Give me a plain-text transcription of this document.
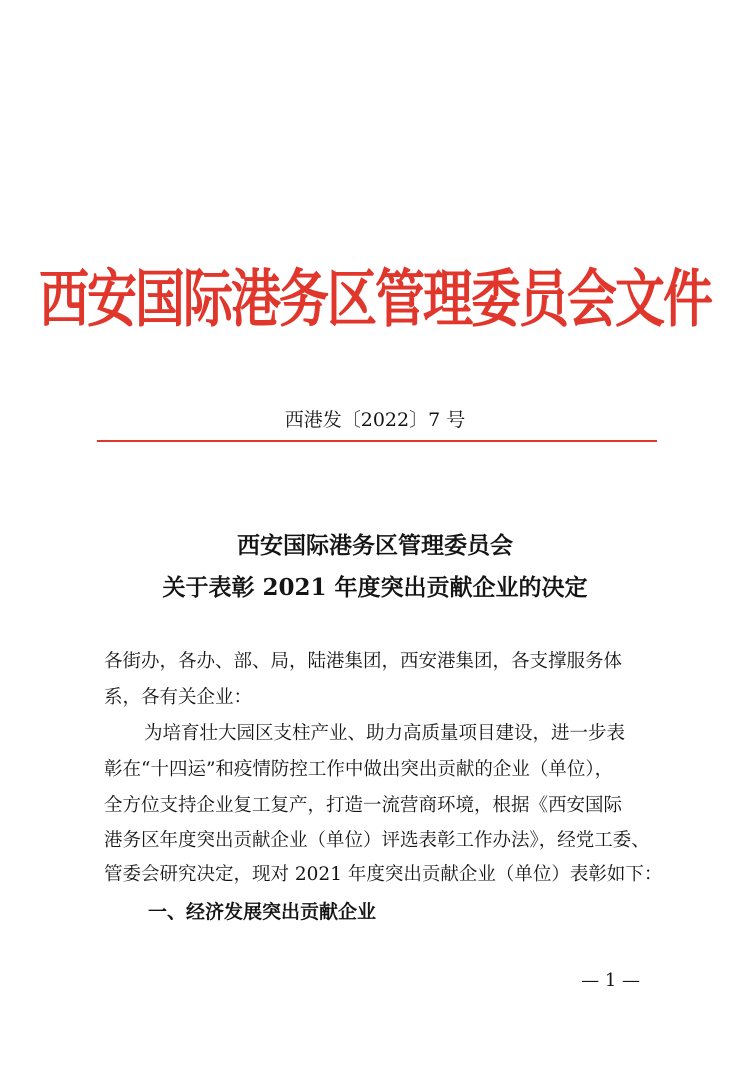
西安国际港务区管理委员会文件
西港发〔2022〕7 号
西安国际港务区管理委员会
关于表彰 2021 年度突出贡献企业的决定
各街办，各办、部、局，陆港集团，西安港集团，各支撑服务体
系，各有关企业：
为培育壮大园区支柱产业、助力高质量项目建设，进一步表
彰在“十四运”和疫情防控工作中做出突出贡献的企业（单位），
全方位支持企业复工复产，打造一流营商环境，根据《西安国际
港务区年度突出贡献企业（单位）评选表彰工作办法》，经党工委、
管委会研究决定，现对 2021 年度突出贡献企业（单位）表彰如下：
一、经济发展突出贡献企业
— 1 —
